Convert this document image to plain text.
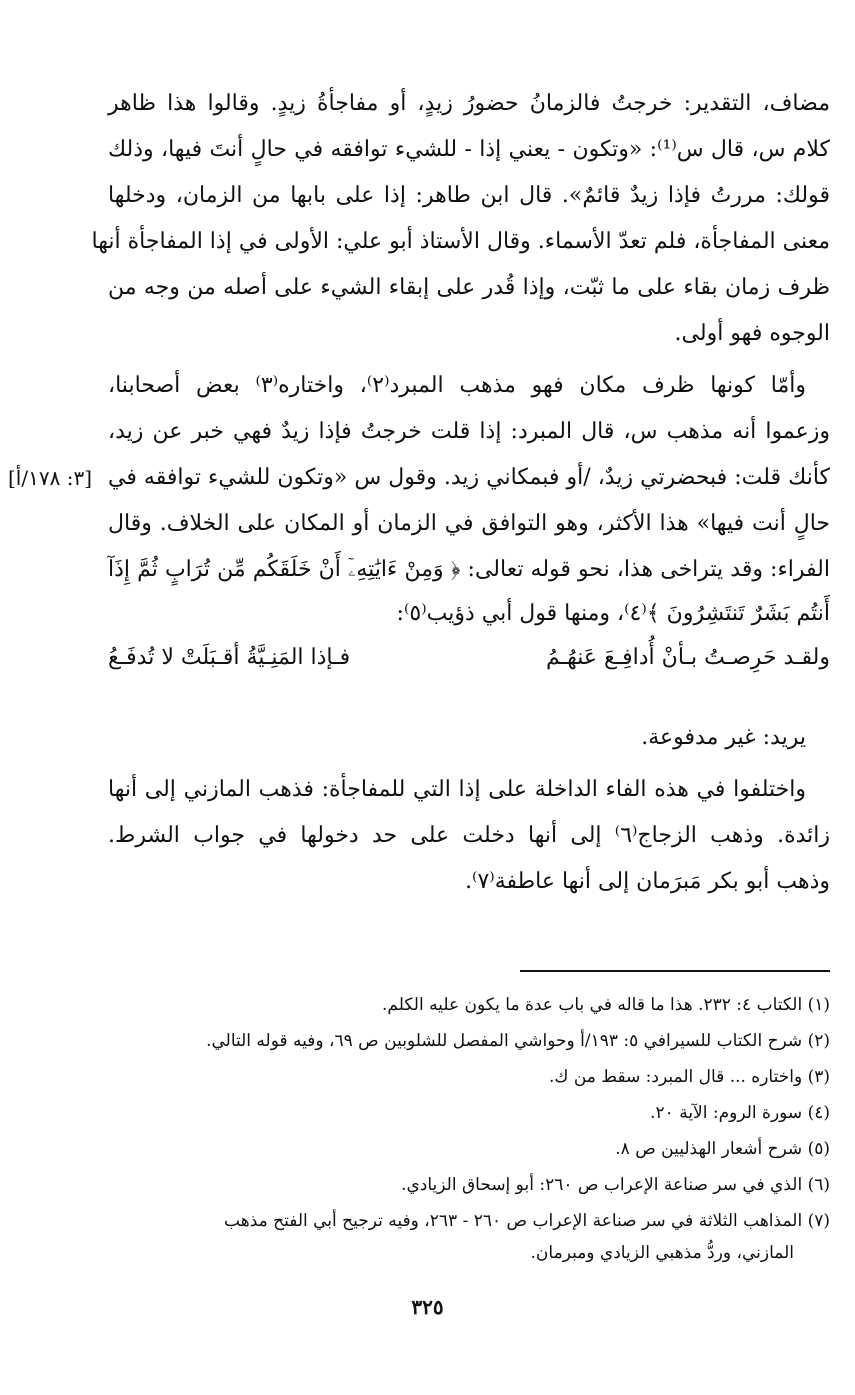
مضاف، التقدير: خرجتُ فالزمانُ حضورُ زيدٍ، أو مفاجأةُ زيدٍ. وقالوا هذا ظاهر
كلام س، قال س⁽¹⁾: «وتكون - يعني إذا - للشيء توافقه في حالٍ أنتَ فيها، وذلك
قولك: مررتُ فإذا زيدٌ قائمٌ». قال ابن طاهر: إذا على بابها من الزمان، ودخلها
معنى المفاجأة، فلم تعدّ الأسماء. وقال الأستاذ أبو علي: الأولى في إذا المفاجأة أنها
ظرف زمان بقاء على ما ثبّت، وإذا قُدر على إبقاء الشيء على أصله من وجه من
الوجوه فهو أولى.
وأمّا كونها ظرف مكان فهو مذهب المبرد⁽٢⁾، واختاره⁽٣⁾ بعض أصحابنا،
وزعموا أنه مذهب س، قال المبرد: إذا قلت خرجتُ فإذا زيدٌ فهي خبر عن زيد،
كأنك قلت: فبحضرتي زيدٌ، /أو فبمكاني زيد. وقول س «وتكون للشيء توافقه في
[٣: ١٧٨/أ]
حالٍ أنت فيها» هذا الأكثر، وهو التوافق في الزمان أو المكان على الخلاف. وقال
الفراء: وقد يتراخى هذا، نحو قوله تعالى: ﴿ وَمِنْ ءَايَٰتِهِۦٓ أَنْ خَلَقَكُم مِّن تُرَابٍ ثُمَّ إِذَآ
أَنتُم بَشَرٌ تَنتَشِرُونَ ﴾⁽٤⁾، ومنها قول أبي ذؤيب⁽٥⁾:
ولقـد حَرِصـتُ بـأنْ أُدافِـعَ عَنهُـمُ
فـإذا المَنِـيَّةُ أقـبَلَتْ لا تُدفَـعُ
يريد: غير مدفوعة.
واختلفوا في هذه الفاء الداخلة على إذا التي للمفاجأة: فذهب المازني إلى أنها
زائدة. وذهب الزجاج⁽٦⁾ إلى أنها دخلت على حد دخولها في جواب الشرط.
وذهب أبو بكر مَبرَمان إلى أنها عاطفة⁽٧⁾.
(١) الكتاب ٤: ٢٣٢. هذا ما قاله في باب عدة ما يكون عليه الكلم.
(٢) شرح الكتاب للسيرافي ٥: ١٩٣/أ وحواشي المفصل للشلوبين ص ٦٩، وفيه قوله التالي.
(٣) واختاره ... قال المبرد: سقط من ك.
(٤) سورة الروم: الآية ٢٠.
(٥) شرح أشعار الهذليين ص ٨.
(٦) الذي في سر صناعة الإعراب ص ٢٦٠: أبو إسحاق الزيادي.
(٧) المذاهب الثلاثة في سر صناعة الإعراب ص ٢٦٠ - ٢٦٣، وفيه ترجيح أبي الفتح مذهب
المازني، وردُّ مذهبي الزيادي ومبرمان.
٣٢٥
